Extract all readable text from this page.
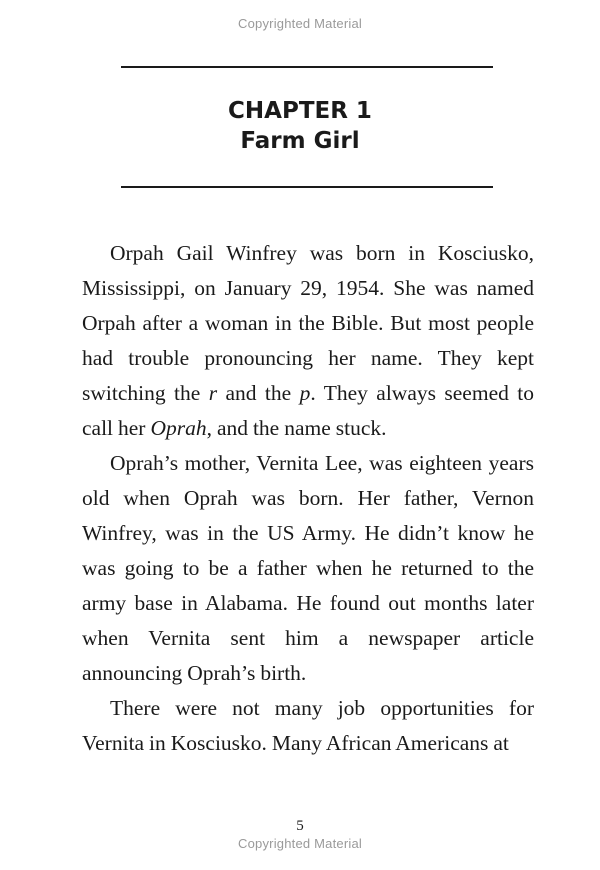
Copyrighted Material
CHAPTER 1
Farm Girl

Orpah Gail Winfrey was born in Kosciusko, Mississippi, on January 29, 1954. She was named Orpah after a woman in the Bible. But most people had trouble pronouncing her name. They kept switching the r and the p. They always seemed to call her Oprah, and the name stuck.

Oprah’s mother, Vernita Lee, was eighteen years old when Oprah was born. Her father, Vernon Winfrey, was in the US Army. He didn’t know he was going to be a father when he returned to the army base in Alabama. He found out months later when Vernita sent him a newspaper article announcing Oprah’s birth.

There were not many job opportunities for Vernita in Kosciusko. Many African Americans at

5
Copyrighted Material
